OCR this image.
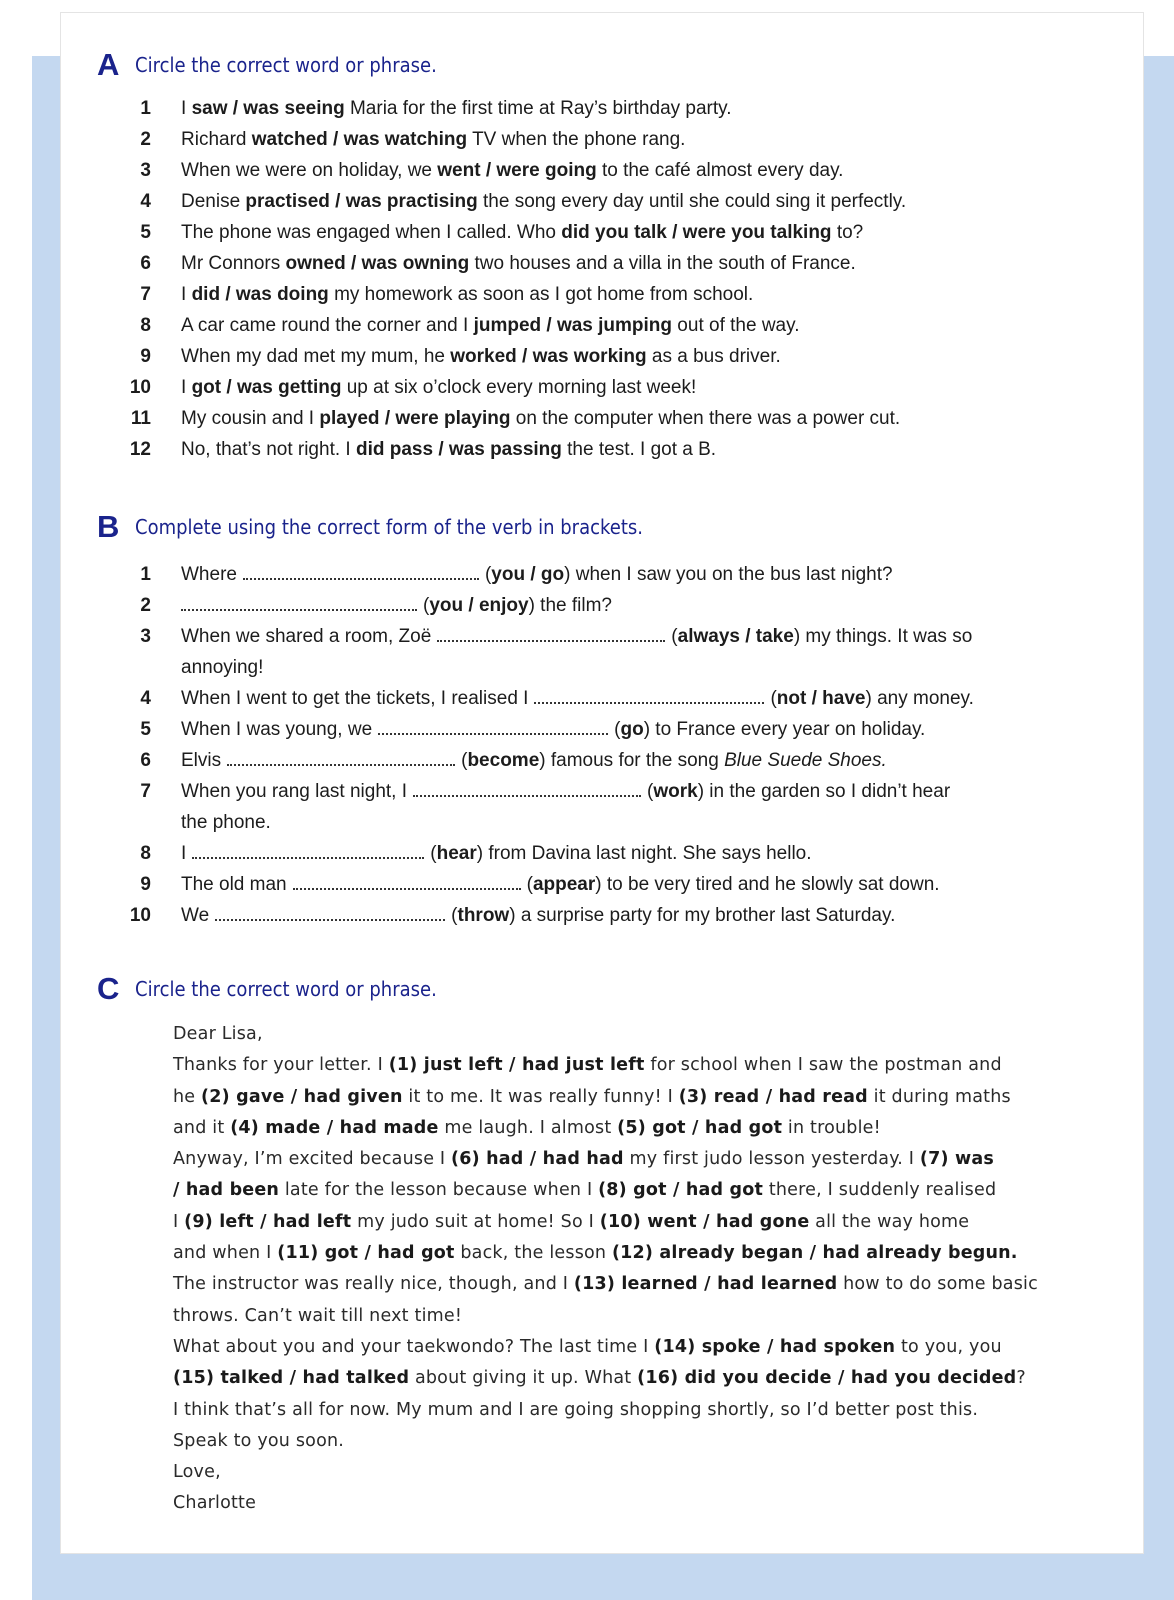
A Circle the correct word or phrase.
1 I saw / was seeing Maria for the first time at Ray’s birthday party.
2 Richard watched / was watching TV when the phone rang.
3 When we were on holiday, we went / were going to the café almost every day.
4 Denise practised / was practising the song every day until she could sing it perfectly.
5 The phone was engaged when I called. Who did you talk / were you talking to?
6 Mr Connors owned / was owning two houses and a villa in the south of France.
7 I did / was doing my homework as soon as I got home from school.
8 A car came round the corner and I jumped / was jumping out of the way.
9 When my dad met my mum, he worked / was working as a bus driver.
10 I got / was getting up at six o’clock every morning last week!
11 My cousin and I played / were playing on the computer when there was a power cut.
12 No, that’s not right. I did pass / was passing the test. I got a B.
B Complete using the correct form of the verb in brackets.
1 Where	(you / go) when I saw you on the bus last night?
2	(you / enjoy) the film?
3 When we shared a room, Zoë	(always / take) my things. It was so
annoying!
4 When I went to get the tickets, I realised I	(not / have) any money.
5 When I was young, we	(go) to France every year on holiday.
6 Elvis	(become) famous for the song Blue Suede Shoes.
7 When you rang last night, I	(work) in the garden so I didn’t hear
the phone.
8 I	(hear) from Davina last night. She says hello.
9 The old man	(appear) to be very tired and he slowly sat down.
10 We	(throw) a surprise party for my brother last Saturday.
C Circle the correct word or phrase.

Dear Lisa,

Thanks for your letter. I (1) just left / had just left for school when I saw the postman and

he (2) gave / had given it to me. It was really funny! I (3) read / had read it during maths

and it (4) made / had made me laugh. I almost (5) got / had got in trouble!

Anyway, I’m excited because I (6) had / had had my first judo lesson yesterday. I (7) was

/ had been late for the lesson because when I (8) got / had got there, I suddenly realised

I (9) left / had left my judo suit at home! So I (10) went / had gone all the way home

and when I (11) got / had got back, the lesson (12) already began / had already begun.

The instructor was really nice, though, and I (13) learned / had learned how to do some basic

throws. Can’t wait till next time!

What about you and your taekwondo? The last time I (14) spoke / had spoken to you, you

(15) talked / had talked about giving it up. What (16) did you decide / had you decided?

I think that’s all for now. My mum and I are going shopping shortly, so I’d better post this.

Speak to you soon.

Love,

Charlotte
